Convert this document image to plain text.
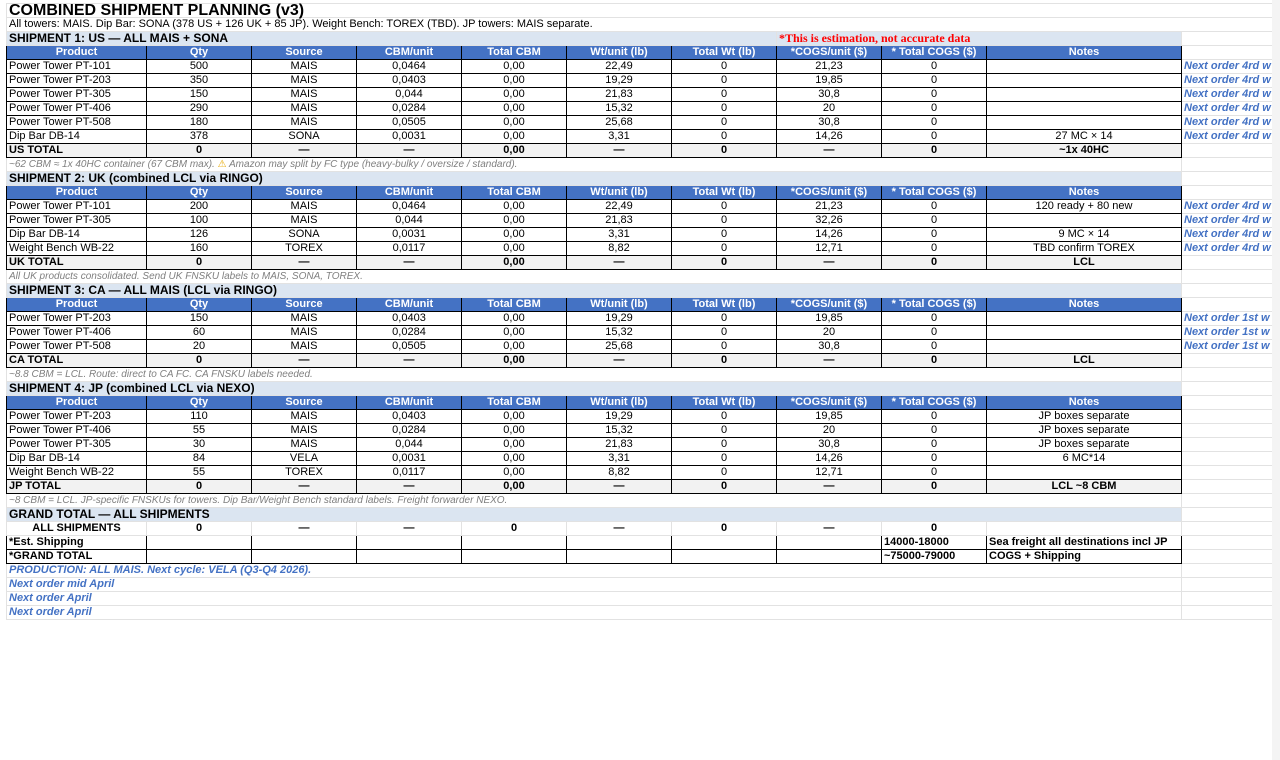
COMBINED SHIPMENT PLANNING (v3)										
All towers: MAIS. Dip Bar: SONA (378 US + 126 UK + 85 JP). Weight Bench: TOREX (TBD). JP towers: MAIS separate.										
SHIPMENT 1: US — ALL MAIS + SONA							*This is estimation, not accurate data			
Product	Qty	Source	CBM/unit	Total CBM	Wt/unit (lb)	Total Wt (lb)	*COGS/unit ($)	* Total COGS ($)	Notes	
Power Tower PT-101	500	MAIS	0,0464	0,00	22,49	0	21,23	0		Next order 4rd w
Power Tower PT-203	350	MAIS	0,0403	0,00	19,29	0	19,85	0		Next order 4rd w
Power Tower PT-305	150	MAIS	0,044	0,00	21,83	0	30,8	0		Next order 4rd w
Power Tower PT-406	290	MAIS	0,0284	0,00	15,32	0	20	0		Next order 4rd w
Power Tower PT-508	180	MAIS	0,0505	0,00	25,68	0	30,8	0		Next order 4rd w
Dip Bar DB-14	378	SONA	0,0031	0,00	3,31	0	14,26	0	27 MC × 14	Next order 4rd w
US TOTAL	0	—	—	0,00	—	0	—	0	~1x 40HC	
~62 CBM ≈ 1x 40HC container (67 CBM max). ⚠ Amazon may split by FC type (heavy-bulky / oversize / standard).										
SHIPMENT 2: UK (combined LCL via RINGO)										
Product	Qty	Source	CBM/unit	Total CBM	Wt/unit (lb)	Total Wt (lb)	*COGS/unit ($)	* Total COGS ($)	Notes	
Power Tower PT-101	200	MAIS	0,0464	0,00	22,49	0	21,23	0	120 ready + 80 new	Next order 4rd w
Power Tower PT-305	100	MAIS	0,044	0,00	21,83	0	32,26	0		Next order 4rd w
Dip Bar DB-14	126	SONA	0,0031	0,00	3,31	0	14,26	0	9 MC × 14	Next order 4rd w
Weight Bench WB-22	160	TOREX	0,0117	0,00	8,82	0	12,71	0	TBD confirm TOREX	Next order 4rd w
UK TOTAL	0	—	—	0,00	—	0	—	0	LCL	
All UK products consolidated. Send UK FNSKU labels to MAIS, SONA, TOREX.										
SHIPMENT 3: CA — ALL MAIS (LCL via RINGO)										
Product	Qty	Source	CBM/unit	Total CBM	Wt/unit (lb)	Total Wt (lb)	*COGS/unit ($)	* Total COGS ($)	Notes	
Power Tower PT-203	150	MAIS	0,0403	0,00	19,29	0	19,85	0		Next order 1st w
Power Tower PT-406	60	MAIS	0,0284	0,00	15,32	0	20	0		Next order 1st w
Power Tower PT-508	20	MAIS	0,0505	0,00	25,68	0	30,8	0		Next order 1st w
CA TOTAL	0	—	—	0,00	—	0	—	0	LCL	
~8.8 CBM = LCL. Route: direct to CA FC. CA FNSKU labels needed.										
SHIPMENT 4: JP (combined LCL via NEXO)										
Product	Qty	Source	CBM/unit	Total CBM	Wt/unit (lb)	Total Wt (lb)	*COGS/unit ($)	* Total COGS ($)	Notes	
Power Tower PT-203	110	MAIS	0,0403	0,00	19,29	0	19,85	0	JP boxes separate	
Power Tower PT-406	55	MAIS	0,0284	0,00	15,32	0	20	0	JP boxes separate	
Power Tower PT-305	30	MAIS	0,044	0,00	21,83	0	30,8	0	JP boxes separate	
Dip Bar DB-14	84	VELA	0,0031	0,00	3,31	0	14,26	0	6 MC*14	
Weight Bench WB-22	55	TOREX	0,0117	0,00	8,82	0	12,71	0		
JP TOTAL	0	—	—	0,00	—	0	—	0	LCL ~8 CBM	
~8 CBM = LCL. JP-specific FNSKUs for towers. Dip Bar/Weight Bench standard labels. Freight forwarder NEXO.										
GRAND TOTAL — ALL SHIPMENTS										
ALL SHIPMENTS	0	—	—	0	—	0	—	0		
*Est. Shipping								14000-18000	Sea freight all destinations incl JP	
*GRAND TOTAL								~75000-79000	COGS + Shipping	
PRODUCTION: ALL MAIS. Next cycle: VELA (Q3-Q4 2026).										
Next order mid April										
Next order April										
Next order April										
